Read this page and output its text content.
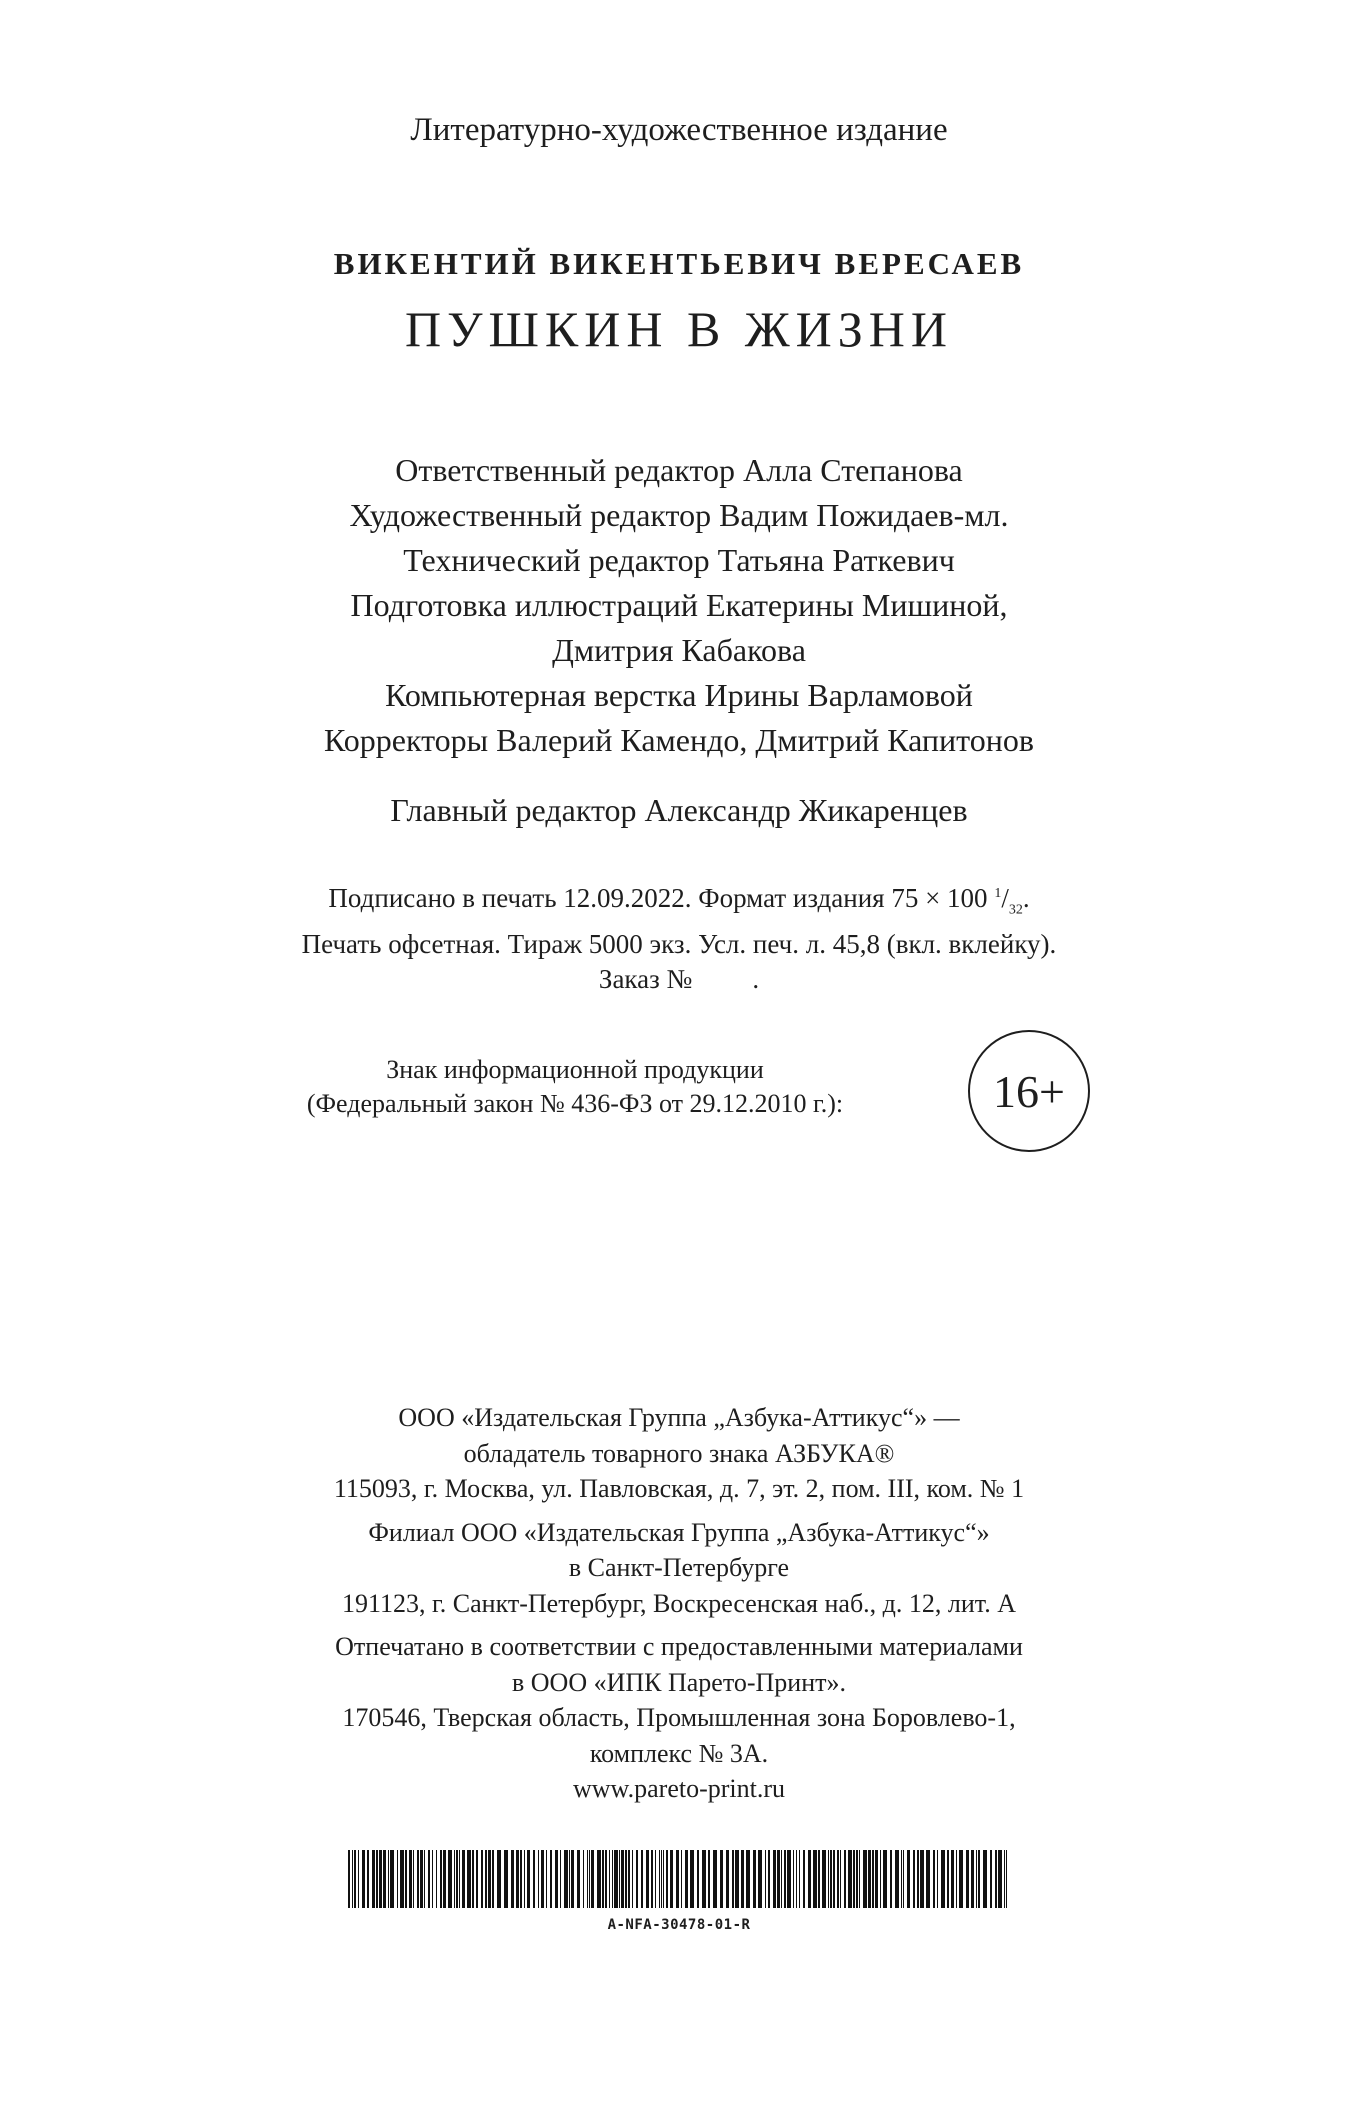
Литературно-художественное издание
ВИКЕНТИЙ ВИКЕНТЬЕВИЧ ВЕРЕСАЕВ
ПУШКИН В ЖИЗНИ
Ответственный редактор Алла Степанова
Художественный редактор Вадим Пожидаев-мл.
Технический редактор Татьяна Раткевич
Подготовка иллюстраций Екатерины Мишиной,
Дмитрия Кабакова
Компьютерная верстка Ирины Варламовой
Корректоры Валерий Камендо, Дмитрий Капитонов
Главный редактор Александр Жикаренцев
Подписано в печать 12.09.2022. Формат издания 75 × 100 $^1/_{32}$.
Печать офсетная. Тираж 5000 экз. Усл. печ. л. 45,8 (вкл. вклейку).
Заказ № .
Знак информационной продукции
(Федеральный закон № 436-ФЗ от 29.12.2010 г.):	16+
ООО «Издательская Группа „Азбука-Аттикус“» —
обладатель товарного знака АЗБУКА®
115093, г. Москва, ул. Павловская, д. 7, эт. 2, пом. III, ком. № 1
Филиал ООО «Издательская Группа „Азбука-Аттикус“»
в Санкт-Петербурге
191123, г. Санкт-Петербург, Воскресенская наб., д. 12, лит. А
Отпечатано в соответствии с предоставленными материалами
в ООО «ИПК Парето-Принт».
170546, Тверская область, Промышленная зона Боровлево-1,
комплекс № 3А.
www.pareto-print.ru
A-NFA-30478-01-R
